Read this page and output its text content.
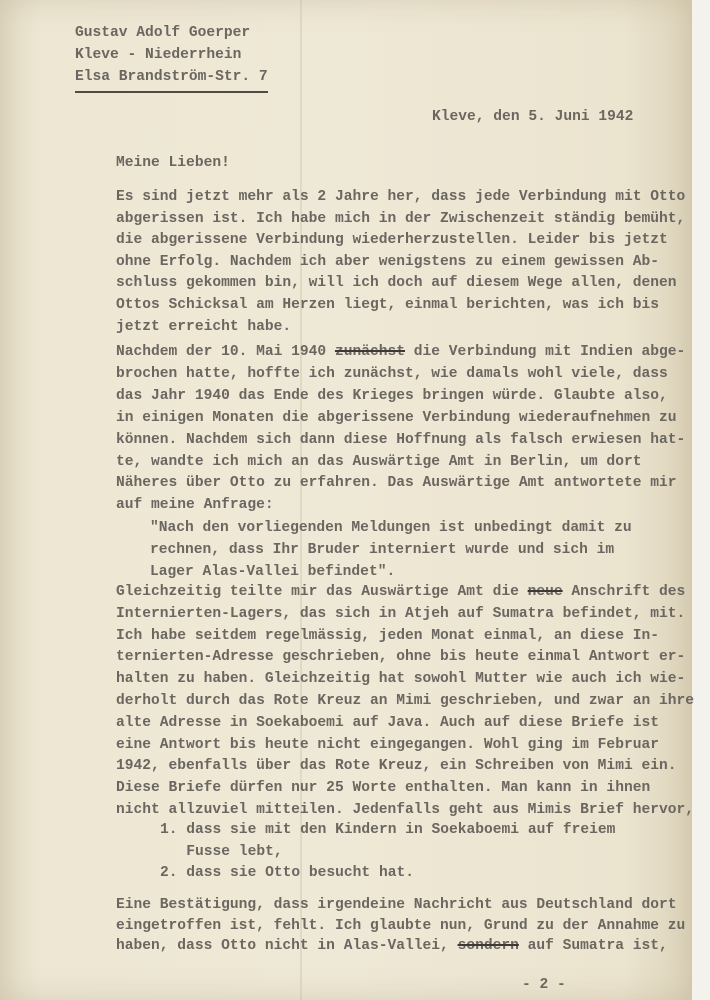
Gustav Adolf Goerper
Kleve - Niederrhein
Elsa Brandström-Str. 7
Kleve, den 5. Juni 1942
Meine Lieben!
Es sind jetzt mehr als 2 Jahre her, dass jede Verbindung mit Otto
abgerissen ist. Ich habe mich in der Zwischenzeit ständig bemüht,
die abgerissene Verbindung wiederherzustellen. Leider bis jetzt
ohne Erfolg. Nachdem ich aber wenigstens zu einem gewissen Ab-
schluss gekommen bin, will ich doch auf diesem Wege allen, denen
Ottos Schicksal am Herzen liegt, einmal berichten, was ich bis
jetzt erreicht habe.
Nachdem der 10. Mai 1940 zunächst die Verbindung mit Indien abge-
brochen hatte, hoffte ich zunächst, wie damals wohl viele, dass
das Jahr 1940 das Ende des Krieges bringen würde. Glaubte also,
in einigen Monaten die abgerissene Verbindung wiederaufnehmen zu
können. Nachdem sich dann diese Hoffnung als falsch erwiesen hat-
te, wandte ich mich an das Auswärtige Amt in Berlin, um dort
Näheres über Otto zu erfahren. Das Auswärtige Amt antwortete mir
auf meine Anfrage:
"Nach den vorliegenden Meldungen ist unbedingt damit zu
rechnen, dass Ihr Bruder interniert wurde und sich im
Lager Alas-Vallei befindet".
Gleichzeitig teilte mir das Auswärtige Amt die neue Anschrift des
Internierten-Lagers, das sich in Atjeh auf Sumatra befindet, mit.
Ich habe seitdem regelmässig, jeden Monat einmal, an diese In-
ternierten-Adresse geschrieben, ohne bis heute einmal Antwort er-
halten zu haben. Gleichzeitig hat sowohl Mutter wie auch ich wie-
derholt durch das Rote Kreuz an Mimi geschrieben, und zwar an ihre
alte Adresse in Soekaboemi auf Java. Auch auf diese Briefe ist
eine Antwort bis heute nicht eingegangen. Wohl ging im Februar
1942, ebenfalls über das Rote Kreuz, ein Schreiben von Mimi ein.
Diese Briefe dürfen nur 25 Worte enthalten. Man kann in ihnen
nicht allzuviel mitteilen. Jedenfalls geht aus Mimis Brief hervor,
1. dass sie mit den Kindern in Soekaboemi auf freiem
Fusse lebt,
2. dass sie Otto besucht hat.
Eine Bestätigung, dass irgendeine Nachricht aus Deutschland dort
eingetroffen ist, fehlt. Ich glaubte nun, Grund zu der Annahme zu
haben, dass Otto nicht in Alas-Vallei, sondern auf Sumatra ist,
- 2 -
